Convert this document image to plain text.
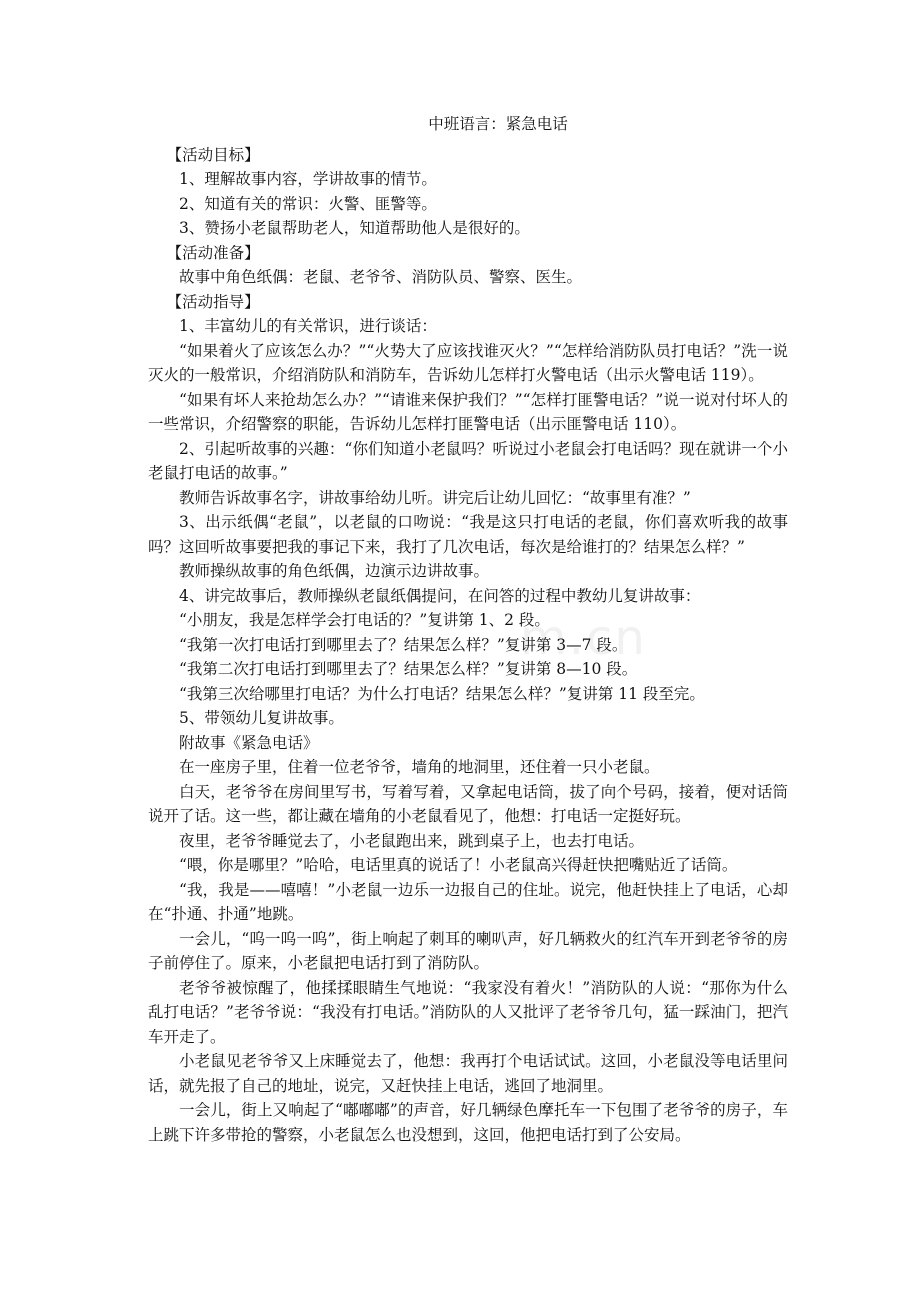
m.cn
中班语言：紧急电话

【活动目标】

1、理解故事内容，学讲故事的情节。

2、知道有关的常识：火警、匪警等。

3、赞扬小老鼠帮助老人，知道帮助他人是很好的。

【活动准备】

故事中角色纸偶：老鼠、老爷爷、消防队员、警察、医生。

【活动指导】

1、丰富幼儿的有关常识，进行谈话：

“如果着火了应该怎么办？”“火势大了应该找谁灭火？”“怎样给消防队员打电话？”洗一说灭火的一般常识，介绍消防队和消防车，告诉幼儿怎样打火警电话（出示火警电话 119）。

“如果有坏人来抢劫怎么办？”“请谁来保护我们？”“怎样打匪警电话？”说一说对付坏人的一些常识，介绍警察的职能，告诉幼儿怎样打匪警电话（出示匪警电话 110）。

2、引起听故事的兴趣：“你们知道小老鼠吗？听说过小老鼠会打电话吗？现在就讲一个小老鼠打电话的故事。”

教师告诉故事名字，讲故事给幼儿听。讲完后让幼儿回忆：“故事里有准？”

3、出示纸偶“老鼠”，以老鼠的口吻说：“我是这只打电话的老鼠，你们喜欢听我的故事吗？这回听故事要把我的事记下来，我打了几次电话，每次是给谁打的？结果怎么样？”

教师操纵故事的角色纸偶，边演示边讲故事。

4、讲完故事后，教师操纵老鼠纸偶提问，在问答的过程中教幼儿复讲故事：

“小朋友，我是怎样学会打电话的？”复讲第 1、2 段。

“我第一次打电话打到哪里去了？结果怎么样？”复讲第 3—7 段。

“我第二次打电话打到哪里去了？结果怎么样？”复讲第 8—10 段。

“我第三次给哪里打电话？为什么打电话？结果怎么样？”复讲第 11 段至完。

5、带领幼儿复讲故事。

附故事《紧急电话》

在一座房子里，住着一位老爷爷，墙角的地洞里，还住着一只小老鼠。

白天，老爷爷在房间里写书，写着写着，又拿起电话筒，拔了向个号码，接着，便对话筒说开了话。这一些，都让藏在墙角的小老鼠看见了，他想：打电话一定挺好玩。

夜里，老爷爷睡觉去了，小老鼠跑出来，跳到桌子上，也去打电话。

“喂，你是哪里？”哈哈，电话里真的说话了！小老鼠高兴得赶快把嘴贴近了话筒。

“我，我是——嘻嘻！”小老鼠一边乐一边报自己的住址。说完，他赶快挂上了电话，心却在“扑通、扑通”地跳。

一会儿，“呜一呜一呜”，街上响起了刺耳的喇叭声，好几辆救火的红汽车开到老爷爷的房子前停住了。原来，小老鼠把电话打到了消防队。

老爷爷被惊醒了，他揉揉眼睛生气地说：“我家没有着火！”消防队的人说：“那你为什么乱打电话？”老爷爷说：“我没有打电话。”消防队的人又批评了老爷爷几句，猛一踩油门，把汽车开走了。

小老鼠见老爷爷又上床睡觉去了，他想：我再打个电话试试。这回，小老鼠没等电话里问话，就先报了自己的地址，说完，又赶快挂上电话，逃回了地洞里。

一会儿，街上又响起了“嘟嘟嘟”的声音，好几辆绿色摩托车一下包围了老爷爷的房子，车上跳下许多带抢的警察，小老鼠怎么也没想到，这回，他把电话打到了公安局。
